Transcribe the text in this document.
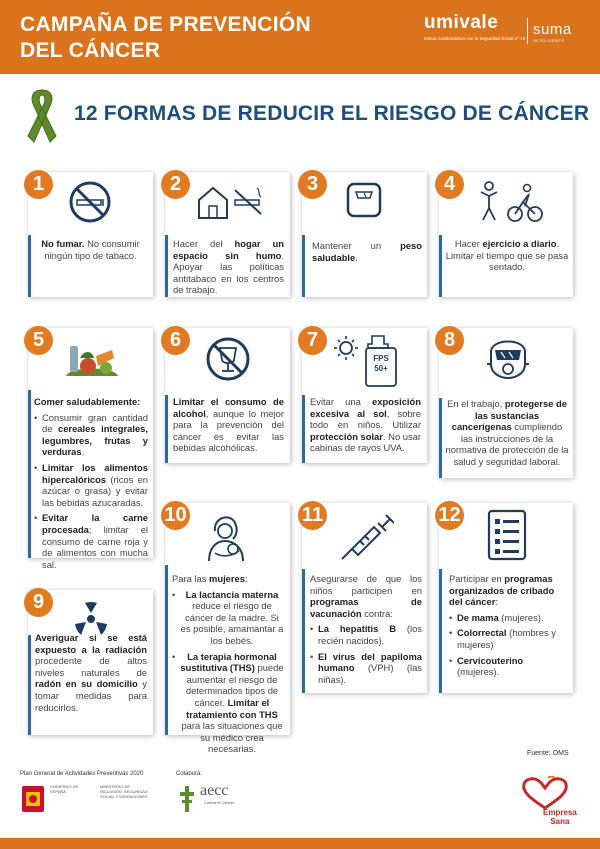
CAMPAÑA DE PREVENCIÓN
DEL CÁNCER
umivale
Mutua Colaboradora con la Seguridad Social nº 15
suma
INTELIGENTE
12 FORMAS DE REDUCIR EL RIESGO DE CÁNCER
1
No fumar. No consumir ningún tipo de tabaco.
2
Hacer del hogar un espacio sin humo. Apoyar las políticas antitabaco en los centros de trabajo.
3
Mantener un peso saludable.
4
Hacer ejercicio a diario. Limitar el tiempo que se pasa sentado.
5
Comer saludablemente:
• Consumir gran cantidad de cereales integrales, legumbres, frutas y verduras.
• Limitar los alimentos hipercalóricos (ricos en azúcar o grasa) y evitar las bebidas azucaradas.
• Evitar la carne procesada; limitar el consumo de carne roja y de alimentos con mucha sal.
6
Limitar el consumo de alcohol, aunque lo mejor para la prevención del cáncer es evitar las bebidas alcohólicas.
7
FPS
50+
Evitar una exposición excesiva al sol, sobre todo en niños. Utilizar protección solar. No usar cabinas de rayos UVA.
8
En el trabajo, protegerse de las sustancias cancerígenas cumpliendo las instrucciones de la normativa de protección de la salud y seguridad laboral.
9
Averiguar si se está expuesto a la radiación procedente de altos niveles naturales de radón en su domicilio y tomar medidas para reducirlos.
10
Para las mujeres:
• La lactancia materna reduce el riesgo de cáncer de la madre. Si es posible, amamantar a los bebés.
• La terapia hormonal sustitutiva (THS) puede aumentar el riesgo de determinados tipos de cáncer. Limitar el tratamiento con THS para las situaciones que su médico crea necesarias.
11
Asegurarse de que los niños participen en programas de vacunación contra:
• La hepatitis B (los recién nacidos).
• El virus del papiloma humano (VPH) (las niñas).
12
Participar en programas organizados de cribado del cáncer:
• De mama (mujeres).
• Colorrectal (hombres y mujeres)
• Cervicouterino (mujeres).
Fuente: OMS
Plan General de Actividades Preventivas 2020
GOBIERNO DE ESPAÑA
MINISTERIO DE INCLUSIÓN, SEGURIDAD SOCIAL Y MIGRACIONES
Colabora:
aecc
Contra el Cáncer
Empresa
Sana
